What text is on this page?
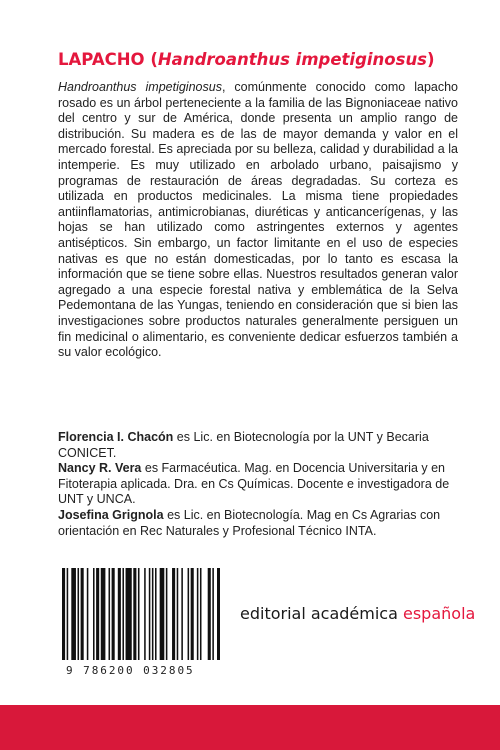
LAPACHO (Handroanthus impetiginosus)

Handroanthus impetiginosus, comúnmente conocido como lapacho rosado es un árbol perteneciente a la familia de las Bignoniaceae nativo del centro y sur de América, donde presenta un amplio rango de distribución. Su madera es de las de mayor demanda y valor en el mercado forestal. Es apreciada por su belleza, calidad y durabilidad a la intemperie. Es muy utilizado en arbolado urbano, paisajismo y programas de restauración de áreas degradadas. Su corteza es utilizada en productos medicinales. La misma tiene propiedades antiinflamatorias, antimicrobianas, diuréticas y anticancerígenas, y las hojas se han utilizado como astringentes externos y agentes antisépticos. Sin embargo, un factor limitante en el uso de especies nativas es que no están domesticadas, por lo tanto es escasa la información que se tiene sobre ellas. Nuestros resultados generan valor agregado a una especie forestal nativa y emblemática de la Selva Pedemontana de las Yungas, teniendo en consideración que si bien las investigaciones sobre productos naturales generalmente persiguen un fin medicinal o alimentario, es conveniente dedicar esfuerzos también a su valor ecológico.

Florencia I. Chacón es Lic. en Biotecnología por la UNT y Becaria CONICET.

Nancy R. Vera es Farmacéutica. Mag. en Docencia Universitaria y en Fitoterapia aplicada. Dra. en Cs Químicas. Docente e investigadora de UNT y UNCA.

Josefina Grignola es Lic. en Biotecnología. Mag en Cs Agrarias con orientación en Rec Naturales y Profesional Técnico INTA.

9 786200 032805
editorial académica española
